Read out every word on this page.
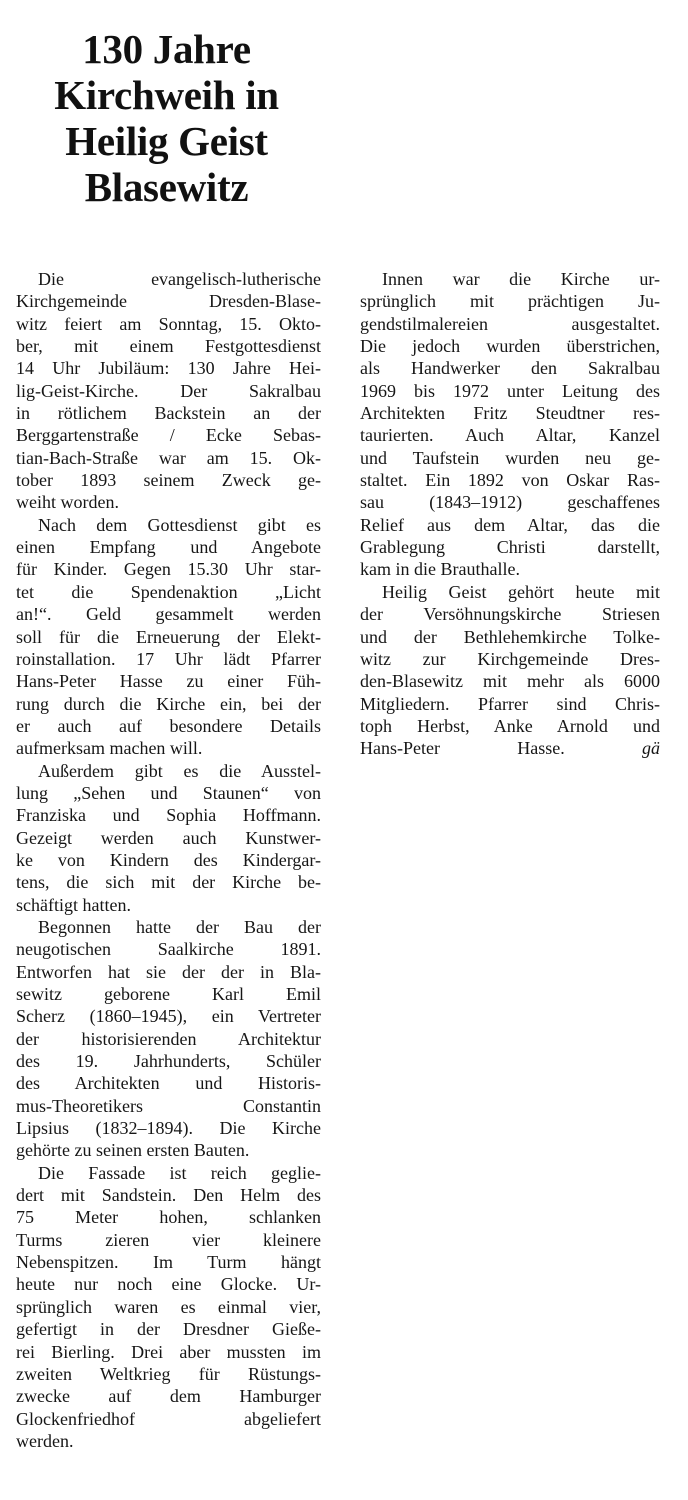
130 Jahre
Kirchweih in
Heilig Geist
Blasewitz
Die evangelisch-lutherische
Kirchgemeinde Dresden-Blase-
witz feiert am Sonntag, 15. Okto-
ber, mit einem Festgottesdienst
14 Uhr Jubiläum: 130 Jahre Hei-
lig-Geist-Kirche. Der Sakralbau
in rötlichem Backstein an der
Berggartenstraße / Ecke Sebas-
tian-Bach-Straße war am 15. Ok-
tober 1893 seinem Zweck ge-
weiht worden.
Nach dem Gottesdienst gibt es
einen Empfang und Angebote
für Kinder. Gegen 15.30 Uhr star-
tet die Spendenaktion „Licht
an!“. Geld gesammelt werden
soll für die Erneuerung der Elekt-
roinstallation. 17 Uhr lädt Pfarrer
Hans-Peter Hasse zu einer Füh-
rung durch die Kirche ein, bei der
er auch auf besondere Details
aufmerksam machen will.
Außerdem gibt es die Ausstel-
lung „Sehen und Staunen“ von
Franziska und Sophia Hoffmann.
Gezeigt werden auch Kunstwer-
ke von Kindern des Kindergar-
tens, die sich mit der Kirche be-
schäftigt hatten.
Begonnen hatte der Bau der
neugotischen Saalkirche 1891.
Entworfen hat sie der der in Bla-
sewitz geborene Karl Emil
Scherz (1860–1945), ein Vertreter
der historisierenden Architektur
des 19. Jahrhunderts, Schüler
des Architekten und Historis-
mus-Theoretikers Constantin
Lipsius (1832–1894). Die Kirche
gehörte zu seinen ersten Bauten.
Die Fassade ist reich geglie-
dert mit Sandstein. Den Helm des
75 Meter hohen, schlanken
Turms zieren vier kleinere
Nebenspitzen. Im Turm hängt
heute nur noch eine Glocke. Ur-
sprünglich waren es einmal vier,
gefertigt in der Dresdner Gieße-
rei Bierling. Drei aber mussten im
zweiten Weltkrieg für Rüstungs-
zwecke auf dem Hamburger
Glockenfriedhof abgeliefert
werden.
Innen war die Kirche ur-
sprünglich mit prächtigen Ju-
gendstilmalereien ausgestaltet.
Die jedoch wurden überstrichen,
als Handwerker den Sakralbau
1969 bis 1972 unter Leitung des
Architekten Fritz Steudtner res-
taurierten. Auch Altar, Kanzel
und Taufstein wurden neu ge-
staltet. Ein 1892 von Oskar Ras-
sau (1843–1912) geschaffenes
Relief aus dem Altar, das die
Grablegung Christi darstellt,
kam in die Brauthalle.
Heilig Geist gehört heute mit
der Versöhnungskirche Striesen
und der Bethlehemkirche Tolke-
witz zur Kirchgemeinde Dres-
den-Blasewitz mit mehr als 6000
Mitgliedern. Pfarrer sind Chris-
toph Herbst, Anke Arnold und
Hans-Peter Hasse.	gä
